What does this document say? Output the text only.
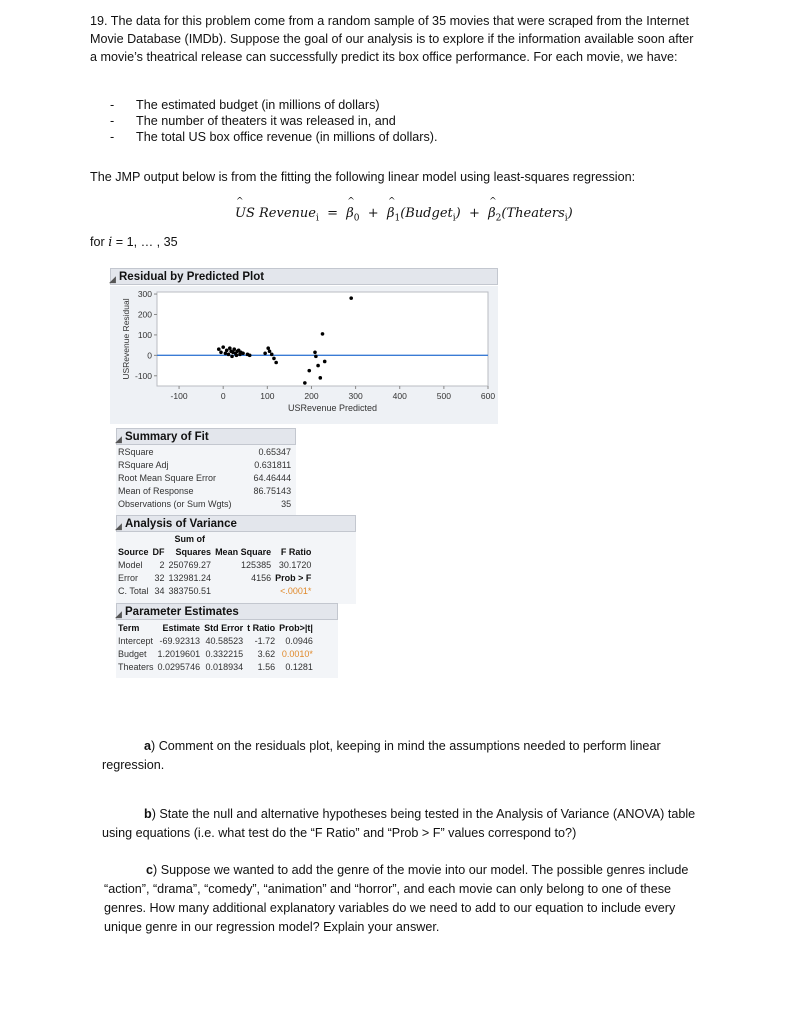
19. The data for this problem come from a random sample of 35 movies that were scraped from the Internet Movie Database (IMDb). Suppose the goal of our analysis is to explore if the information available soon after a movie’s theatrical release can successfully predict its box office performance. For each movie, we have:
- The estimated budget (in millions of dollars)
- The number of theaters it was released in, and
- The total US box office revenue (in millions of dollars).
The JMP output below is from the fitting the following linear model using least-squares regression:
^ US Revenue$_i$  =  ^ $\beta_0$  +  ^ $\beta_1(Budget_i)$  +  ^ $\beta_2(Theaters_i)$
for i = 1, … , 35
◢ Residual by Predicted Plot
300
200
100
0
-100
-100	0	100	200	300	400	500	600
USRevenue Predicted
USRevenue Residual
◢ Summary of Fit
RSquare	0.65347
RSquare Adj	0.631811
Root Mean Square Error	64.46444
Mean of Response	86.75143
Observations (or Sum Wgts)	35
◢ Analysis of Variance
		Sum of		
Source	DF	Squares	Mean Square	F Ratio
Model	2	250769.27	125385	30.1720
Error	32	132981.24	4156	Prob > F
C. Total	34	383750.51		<.0001*
◢ Parameter Estimates
Term	Estimate	Std Error	t Ratio	Prob>|t|
Intercept	-69.92313	40.58523	-1.72	0.0946
Budget	1.2019601	0.332215	3.62	0.0010*
Theaters	0.0295746	0.018934	1.56	0.1281
a) Comment on the residuals plot, keeping in mind the assumptions needed to perform linear regression.
b) State the null and alternative hypotheses being tested in the Analysis of Variance (ANOVA) table using equations (i.e. what test do the “F Ratio” and “Prob > F” values correspond to?)
c) Suppose we wanted to add the genre of the movie into our model. The possible genres include “action”, “drama”, “comedy”, “animation” and “horror”, and each movie can only belong to one of these genres. How many additional explanatory variables do we need to add to our equation to include every unique genre in our regression model? Explain your answer.
